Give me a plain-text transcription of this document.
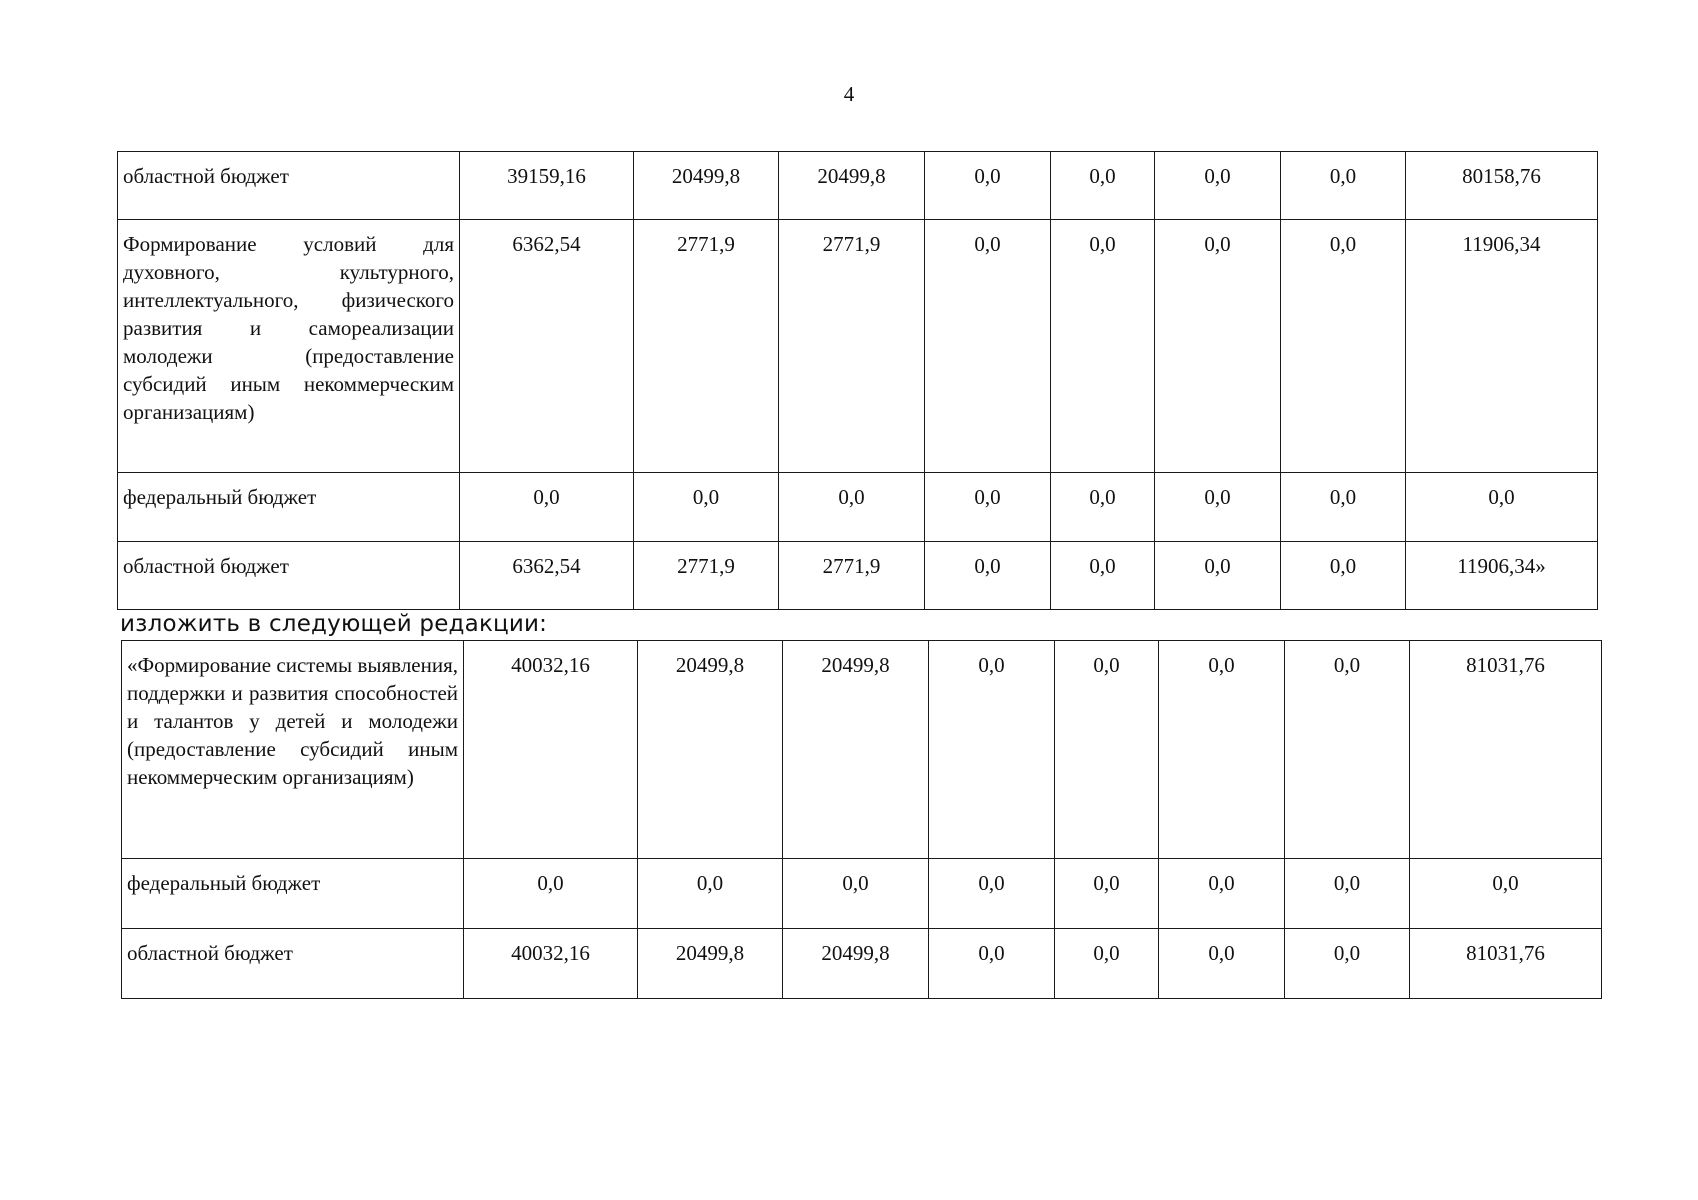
4
областной бюджет	39159,16	20499,8	20499,8	0,0	0,0	0,0	0,0	80158,76
Формирование условий для духовного, культурного, интеллектуального, физического развития и самореализации молодежи (предоставление субсидий иным некоммерческим организациям)	6362,54	2771,9	2771,9	0,0	0,0	0,0	0,0	11906,34
федеральный бюджет	0,0	0,0	0,0	0,0	0,0	0,0	0,0	0,0
областной бюджет	6362,54	2771,9	2771,9	0,0	0,0	0,0	0,0	11906,34»
изложить в следующей редакции:
«Формирование системы выявления, поддержки и развития способностей и талантов у детей и молодежи (предоставление субсидий иным некоммерческим организациям)	40032,16	20499,8	20499,8	0,0	0,0	0,0	0,0	81031,76
федеральный бюджет	0,0	0,0	0,0	0,0	0,0	0,0	0,0	0,0
областной бюджет	40032,16	20499,8	20499,8	0,0	0,0	0,0	0,0	81031,76
